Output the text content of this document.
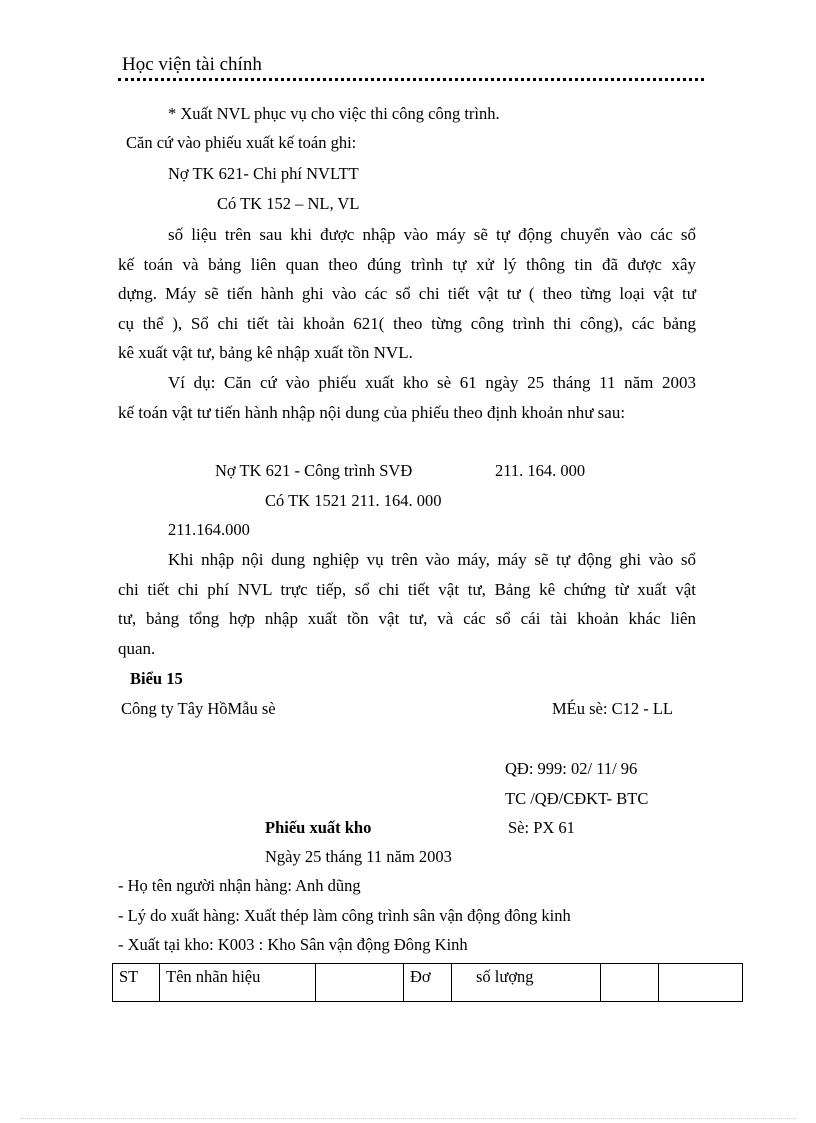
Học viện tài chính
* Xuất NVL phục vụ cho việc thi công công trình.
Căn cứ vào phiếu xuất kế toán ghi:
Nợ TK 621- Chi phí NVLTT
Có TK 152 – NL, VL
số liệu trên sau khi được nhập vào máy sẽ tự động chuyển vào các sổ
kế toán và bảng liên quan theo đúng trình tự xử lý thông tin đã được xây
dựng. Máy sẽ tiến hành ghi vào các sổ chi tiết vật tư ( theo từng loại vật tư
cụ thể ), Sổ chi tiết tài khoản 621( theo từng công trình thi công), các bảng
kê xuất vật tư, bảng kê nhập xuất tồn NVL.
Ví dụ: Căn cứ vào phiếu xuất kho sè 61 ngày 25 tháng 11 năm 2003
kế toán vật tư tiến hành nhập nội dung của phiếu theo định khoản như sau:
Nợ TK 621 - Công trình SVĐ	211. 164. 000
Có TK 1521 211. 164. 000
211.164.000
Khi nhập nội dung nghiệp vụ trên vào máy, máy sẽ tự động ghi vào sổ
chi tiết chi phí NVL trực tiếp, sổ chi tiết vật tư, Bảng kê chứng từ xuất vật
tư, bảng tổng hợp nhập xuất tồn vật tư, và các sổ cái tài khoản khác liên
quan.
Biểu 15
Công ty Tây HồMẫu sè	MÉu sè: C12 - LL
QĐ: 999: 02/ 11/ 96
TC /QĐ/CĐKT- BTC
Phiếu xuất kho	Sè: PX 61
Ngày 25 tháng 11 năm 2003
- Họ tên người nhận hàng: Anh dũng
- Lý do xuất hàng: Xuất thép làm công trình sân vận động đông kinh
- Xuất tại kho: K003 : Kho Sân vận động Đông Kinh
ST	Tên nhãn hiệu		Đơ	số lượng		
